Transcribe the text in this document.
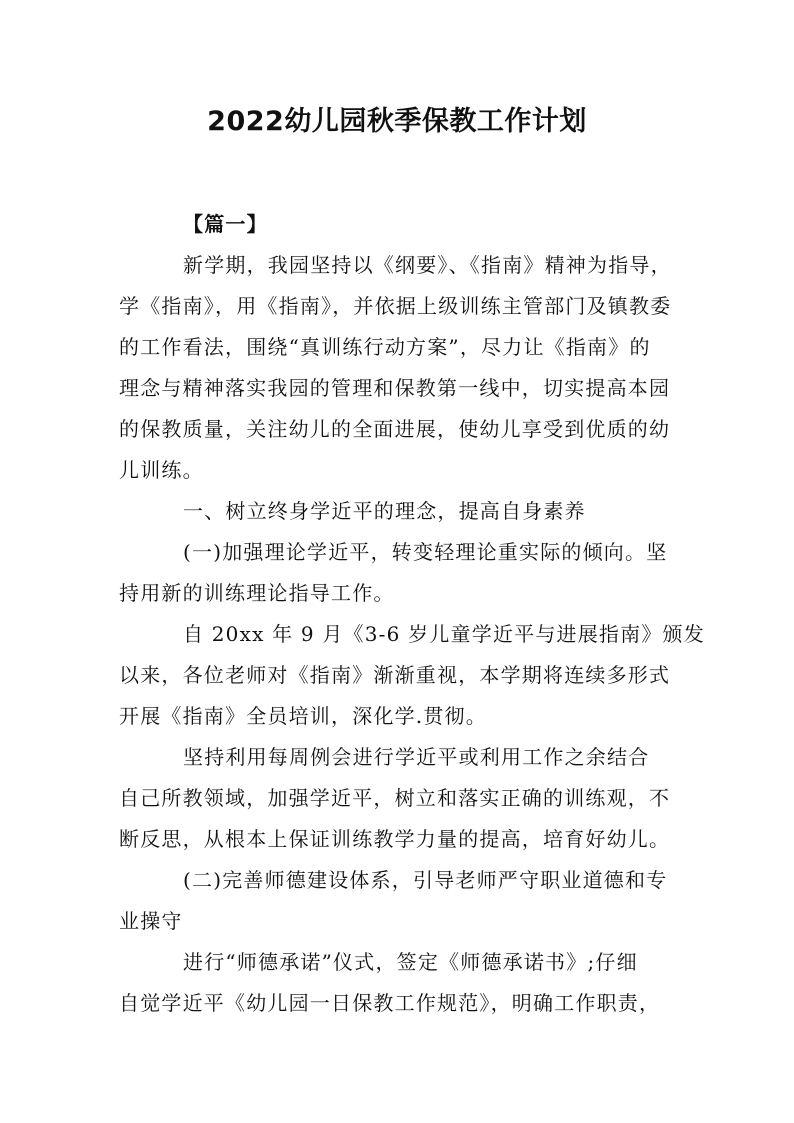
2022幼儿园秋季保教工作计划
【篇一】
新学期，我园坚持以《纲要》、《指南》精神为指导，
学《指南》，用《指南》，并依据上级训练主管部门及镇教委
的工作看法，围绕“真训练行动方案”，尽力让《指南》的
理念与精神落实我园的管理和保教第一线中，切实提高本园
的保教质量，关注幼儿的全面进展，使幼儿享受到优质的幼
儿训练。
一、树立终身学近平的理念，提高自身素养
(一)加强理论学近平，转变轻理论重实际的倾向。坚
持用新的训练理论指导工作。
自 20xx 年 9 月《3-6 岁儿童学近平与进展指南》颁发
以来，各位老师对《指南》渐渐重视，本学期将连续多形式
开展《指南》全员培训，深化学.贯彻。
坚持利用每周例会进行学近平或利用工作之余结合
自己所教领域，加强学近平，树立和落实正确的训练观，不
断反思，从根本上保证训练教学力量的提高，培育好幼儿。
(二)完善师德建设体系，引导老师严守职业道德和专
业操守
进行“师德承诺”仪式，签定《师德承诺书》;仔细
自觉学近平《幼儿园一日保教工作规范》，明确工作职责，
